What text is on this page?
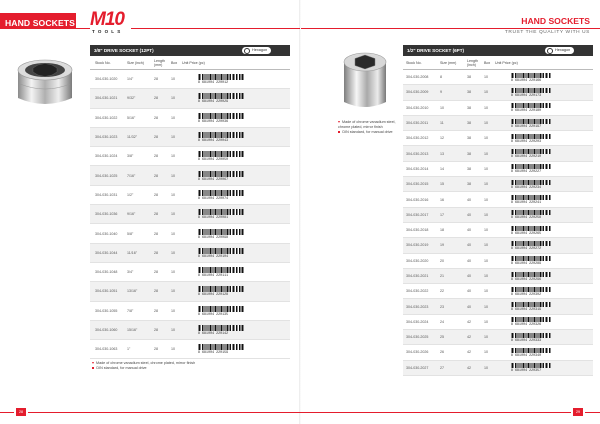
HAND SOCKETS M10
TOOLS
HAND SOCKETS
TRUST THE QUALITY WITH US
3/8" DRIVE SOCKET (12PT)	Hexagon
Stock No.	Size (inch)	Length (mm)	Box	Unit Price (pc)
304-030-1020	1/4"	28	10
8 681004 220012
304-030-1021	9/32"	28	10
8 681004 220029
304-030-1022	5/16"	28	10
8 681004 220036
304-030-1023	11/32"	28	10
8 681004 220043
304-030-1024	3/8"	28	10
8 681004 220050
304-030-1025	7/16"	28	10
8 681004 220067
304-030-1031	1/2"	28	10
8 681004 220074
304-030-1036	9/16"	28	10
8 681004 220081
304-030-1040	5/8"	28	10
8 681004 220098
304-030-1044	11/16"	28	10
8 681004 220104
304-030-1048	3/4"	28	10
8 681004 220111
304-030-1051	13/16"	28	10
8 681004 220128
304-030-1055	7/8"	28	10
8 681004 220135
304-030-1060	15/16"	28	10
8 681004 220142
304-030-1063	1"	28	10
8 681004 220159
Made of chrome vanadium steel, chrome plated, mirror finish
DIN standard, for manual drive
Made of chrome vanadium steel, chrome plated, mirror finish
DIN standard, for manual drive
1/2" DRIVE SOCKET (6PT)	Hexagon
Stock No.	Size (mm)	Length (inch)	Box	Unit Price (pc)
304-030-2008	8	38	10
8 681004 220166
304-030-2009	9	38	10
8 681004 220173
304-030-2010	10	38	10
8 681004 220180
304-030-2011	11	38	10
8 681004 220197
304-030-2012	12	38	10
8 681004 220203
304-030-2013	13	38	10
8 681004 220210
304-030-2014	14	38	10
8 681004 220227
304-030-2015	15	38	10
8 681004 220234
304-030-2016	16	40	10
8 681004 220241
304-030-2017	17	40	10
8 681004 220258
304-030-2018	18	40	10
8 681004 220265
304-030-2019	19	40	10
8 681004 220272
304-030-2020	20	40	10
8 681004 220289
304-030-2021	21	40	10
8 681004 220296
304-030-2022	22	40	10
8 681004 220302
304-030-2023	23	40	10
8 681004 220319
304-030-2024	24	42	10
8 681004 220326
304-030-2025	25	42	10
8 681004 220333
304-030-2026	26	42	10
8 681004 220340
304-030-2027	27	42	10
8 681004 220357
28	29
